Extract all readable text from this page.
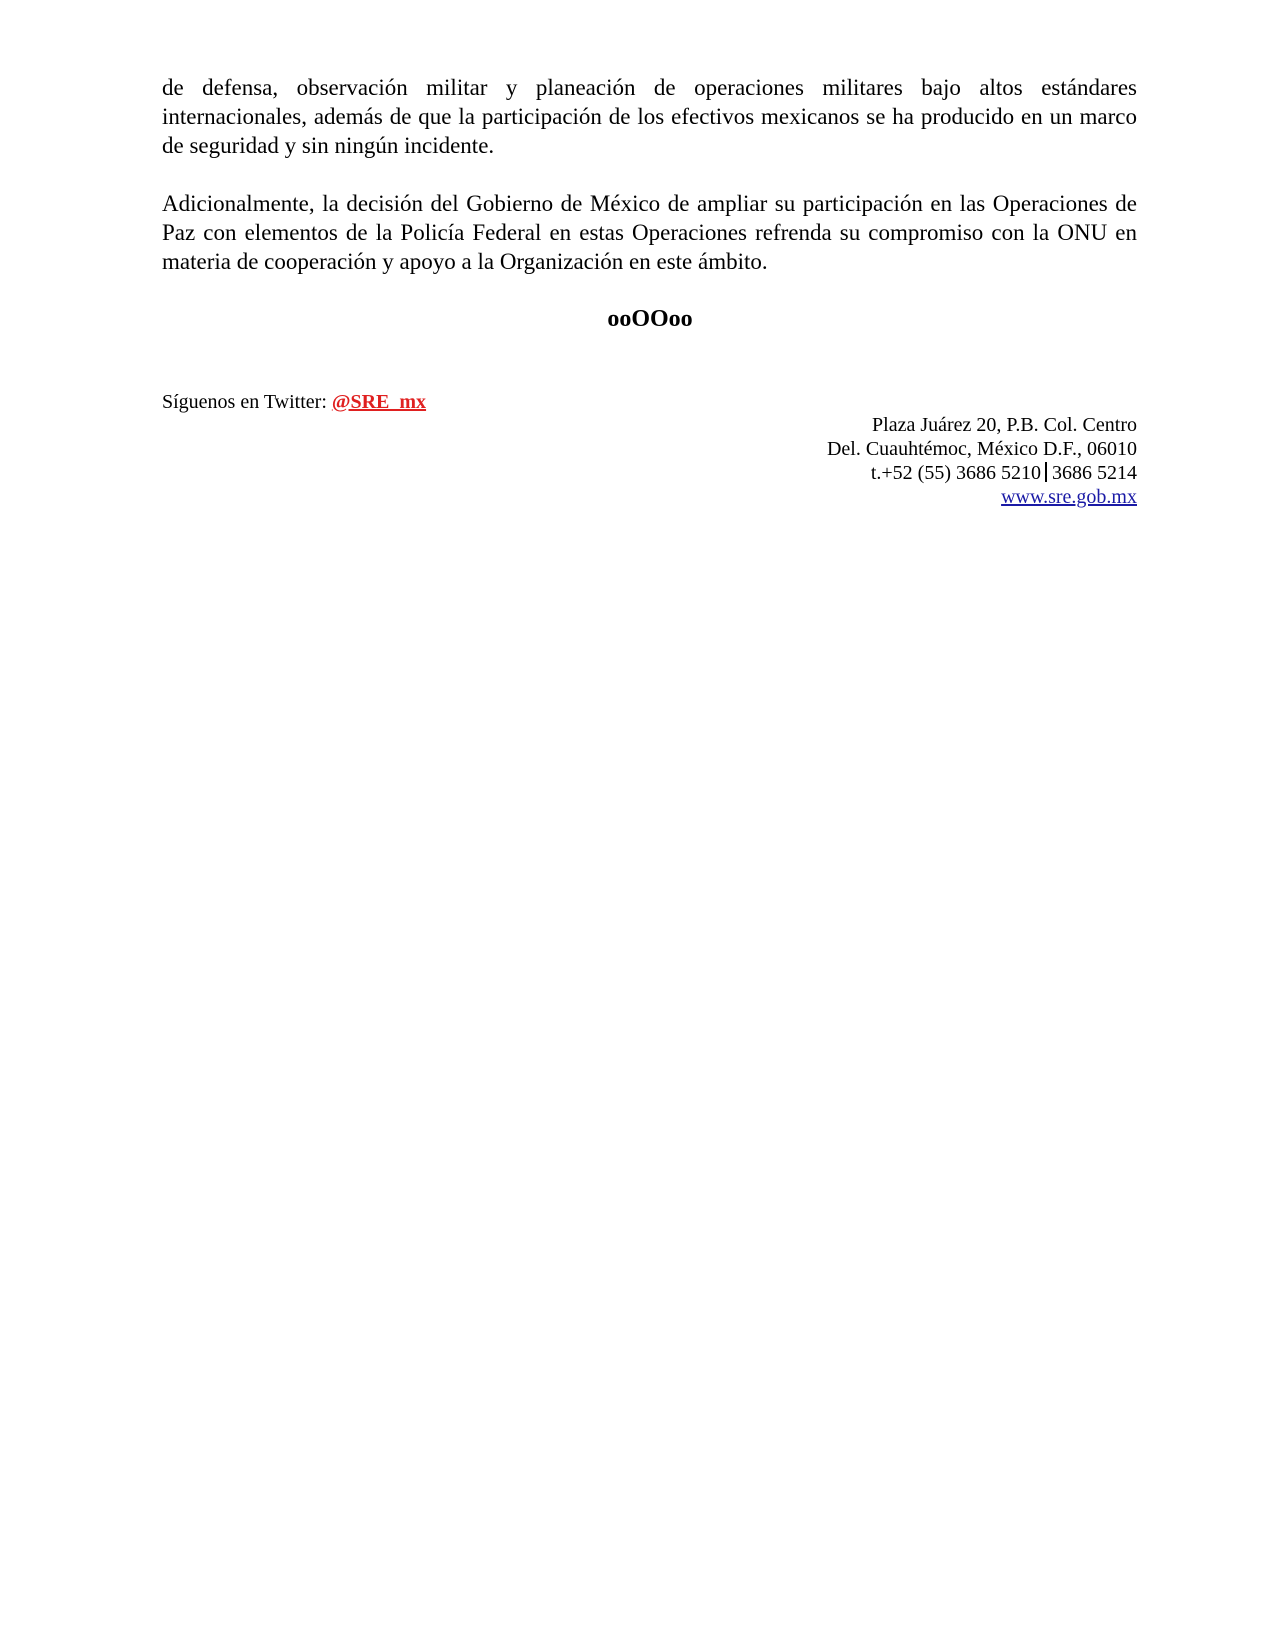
de defensa, observación militar y planeación de operaciones militares bajo altos estándares internacionales, además de que la participación de los efectivos mexicanos se ha producido en un marco de seguridad y sin ningún incidente.

Adicionalmente, la decisión del Gobierno de México de ampliar su participación en las Operaciones de Paz con elementos de la Policía Federal en estas Operaciones refrenda su compromiso con la ONU en materia de cooperación y apoyo a la Organización en este ámbito.

ooOOoo

Síguenos en Twitter: @SRE_mx

Plaza Juárez 20, P.B. Col. Centro
Del. Cuauhtémoc, México D.F., 06010
t.+52 (55) 3686 5210 3686 5214
www.sre.gob.mx
